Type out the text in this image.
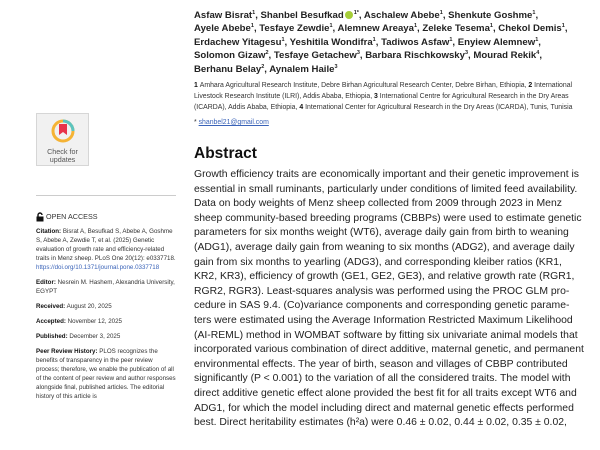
Asfaw Bisrat$^1$, Shanbel Besufkad $^{1*}$, Aschalew Abebe$^1$, Shenkute Goshme$^1$,
Ayele Abebe$^1$, Tesfaye Zewdie$^1$, Alemnew Areaya$^1$, Zeleke Tesema$^1$, Chekol Demis$^1$,
Erdachew Yitagesu$^1$, Yeshitila Wondifra$^1$, Tadiwos Asfaw$^1$, Enyiew Alemnew$^1$,
Solomon Gizaw$^2$, Tesfaye Getachew$^3$, Barbara Rischkowsky$^3$, Mourad Rekik$^4$,
Berhanu Belay$^2$, Aynalem Haile$^3$
1 Amhara Agricultural Research Institute, Debre Birhan Agricultural Research Center, Debre Birhan, Ethiopia, 2 International Livestock Research Institute (ILRI), Addis Ababa, Ethiopia, 3 International Centre for Agricultural Research in the Dry Areas (ICARDA), Addis Ababa, Ethiopia, 4 International Center for Agricultural Research in the Dry Areas (ICARDA), Tunis, Tunisia
* shanbel21@gmail.com
Abstract
Growth efficiency traits are economically important and their genetic improvement is
essential in small ruminants, particularly under conditions of limited feed availability.
Data on body weights of Menz sheep collected from 2009 through 2023 in Menz
sheep community-based breeding programs (CBBPs) were used to estimate genetic
parameters for six months weight (WT6), average daily gain from birth to weaning
(ADG1), average daily gain from weaning to six months (ADG2), and average daily
gain from six months to yearling (ADG3), and corresponding kleiber ratios (KR1,
KR2, KR3), efficiency of growth (GE1, GE2, GE3), and relative growth rate (RGR1,
RGR2, RGR3). Least-squares analysis was performed using the PROC GLM pro-
cedure in SAS 9.4. (Co)variance components and corresponding genetic parame-
ters were estimated using the Average Information Restricted Maximum Likelihood
(AI-REML) method in WOMBAT software by fitting six univariate animal models that
incorporated various combination of direct additive, maternal genetic, and permanent
environmental effects. The year of birth, season and villages of CBBP contributed
significantly (P < 0.001) to the variation of all the considered traits. The model with
direct additive genetic effect alone provided the best fit for all traits except WT6 and
ADG1, for which the model including direct and maternal genetic effects performed
best. Direct heritability estimates (h²a) were 0.46 ± 0.02, 0.44 ± 0.02, 0.35 ± 0.02,
Check for
updates
OPEN ACCESS
Citation: Bisrat A, Besufkad S, Abebe A, Goshme S, Abebe A, Zewdie T, et al. (2025) Genetic evaluation of growth rate and efficiency-related traits in Menz sheep. PLoS One 20(12): e0337718. https://doi.org/10.1371/journal.pone.0337718
Editor: Nesrein M. Hashem, Alexandria University, EGYPT
Received: August 20, 2025
Accepted: November 12, 2025
Published: December 3, 2025
Peer Review History: PLOS recognizes the benefits of transparency in the peer review process; therefore, we enable the publication of all of the content of peer review and author responses alongside final, published articles. The editorial history of this article is
